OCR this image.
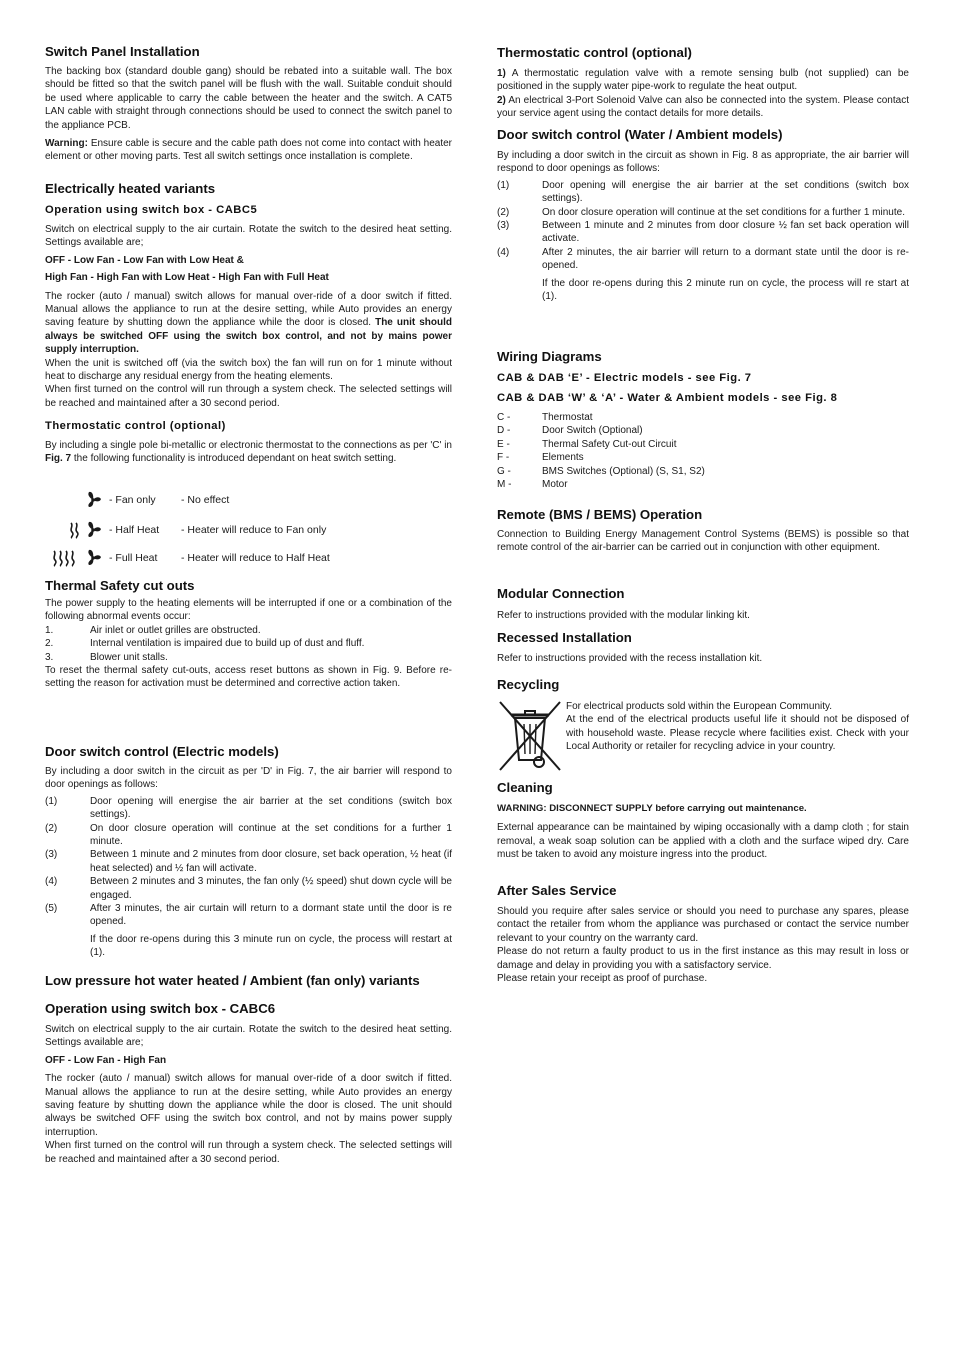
Switch Panel Installation

The backing box (standard double gang) should be rebated into a suitable wall. The box should be fitted so that the switch panel will be flush with the wall. Suitable conduit should be used where applicable to carry the cable between the heater and the switch. A CAT5 LAN cable with straight through connections should be used to connect the switch panel to the appliance PCB.

Warning: Ensure cable is secure and the cable path does not come into contact with heater element or other moving parts. Test all switch settings once installation is complete.

Electrically heated variants
Operation using switch box - CABC5

Switch on electrical supply to the air curtain. Rotate the switch to the desired heat setting. Settings available are;

OFF - Low Fan - Low Fan with Low Heat &

High Fan - High Fan with Low Heat - High Fan with Full Heat

The rocker (auto / manual) switch allows for manual over-ride of a door switch if fitted. Manual allows the appliance to run at the desire setting, while Auto provides an energy saving feature by shutting down the appliance while the door is closed. The unit should always be switched OFF using the switch box control, and not by mains power supply interruption.

When the unit is switched off (via the switch box) the fan will run on for 1 minute without heat to discharge any residual energy from the heating elements.

When first turned on the control will run through a system check. The selected settings will be reached and maintained after a 30 second period.

Thermostatic control (optional)

By including a single pole bi-metallic or electronic thermostat to the connections as per 'C' in Fig. 7 the following functionality is introduced dependant on heat switch setting.

- Fan only	- No effect
- Half Heat	- Heater will reduce to Fan only
- Full Heat	- Heater will reduce to Half Heat
Thermal Safety cut outs

The power supply to the heating elements will be interrupted if one or a combination of the following abnormal events occur:

1.	Air inlet or outlet grilles are obstructed.
2.	Internal ventilation is impaired due to build up of dust and fluff.
3.	Blower unit stalls.

To reset the thermal safety cut-outs, access reset buttons as shown in Fig. 9. Before re-setting the reason for activation must be determined and corrective action taken.

Door switch control (Electric models)

By including a door switch in the circuit as per 'D' in Fig. 7, the air barrier will respond to door openings as follows:

(1)	Door opening will energise the air barrier at the set conditions (switch box settings).
(2)	On door closure operation will continue at the set conditions for a further 1 minute.
(3)	Between 1 minute and 2 minutes from door closure, set back operation, ½ heat (if heat selected) and ½ fan will activate.
(4)	Between 2 minutes and 3 minutes, the fan only (½ speed) shut down cycle will be engaged.
(5)	After 3 minutes, the air curtain will return to a dormant state until the door is re opened.

If the door re-opens during this 3 minute run on cycle, the process will restart at (1).

Low pressure hot water heated / Ambient (fan only) variants
Operation using switch box - CABC6

Switch on electrical supply to the air curtain. Rotate the switch to the desired heat setting. Settings available are;

OFF - Low Fan - High Fan

The rocker (auto / manual) switch allows for manual over-ride of a door switch if fitted. Manual allows the appliance to run at the desire setting, while Auto provides an energy saving feature by shutting down the appliance while the door is closed. The unit should always be switched OFF using the switch box control, and not by mains power supply interruption.

When first turned on the control will run through a system check. The selected settings will be reached and maintained after a 30 second period.

Thermostatic control (optional)

1) A thermostatic regulation valve with a remote sensing bulb (not supplied) can be positioned in the supply water pipe-work to regulate the heat output.

2) An electrical 3-Port Solenoid Valve can also be connected into the system. Please contact your service agent using the contact details for more details.

Door switch control (Water / Ambient models)

By including a door switch in the circuit as shown in Fig. 8 as appropriate, the air barrier will respond to door openings as follows:

(1)	Door opening will energise the air barrier at the set conditions (switch box settings).
(2)	On door closure operation will continue at the set conditions for a further 1 minute.
(3)	Between 1 minute and 2 minutes from door closure ½ fan set back operation will activate.
(4)	After 2 minutes, the air barrier will return to a dormant state until the door is re-opened.

If the door re-opens during this 2 minute run on cycle, the process will re start at (1).

Wiring Diagrams
CAB & DAB ‘E’ - Electric models - see Fig. 7
CAB & DAB ‘W’ & ‘A’ - Water & Ambient models - see Fig. 8
C -	Thermostat
D -	Door Switch (Optional)
E -	Thermal Safety Cut-out Circuit
F -	Elements
G -	BMS Switches (Optional) (S, S1, S2)
M -	Motor
Remote (BMS / BEMS) Operation

Connection to Building Energy Management Control Systems (BEMS) is possible so that remote control of the air-barrier can be carried out in conjunction with other equipment.

Modular Connection

Refer to instructions provided with the modular linking kit.

Recessed Installation

Refer to instructions provided with the recess installation kit.

Recycling

For electrical products sold within the European Community.

At the end of the electrical products useful life it should not be disposed of with household waste. Please recycle where facilities exist. Check with your Local Authority or retailer for recycling advice in your country.

Cleaning

WARNING: DISCONNECT SUPPLY before carrying out maintenance.

External appearance can be maintained by wiping occasionally with a damp cloth ; for stain removal, a weak soap solution can be applied with a cloth and the surface wiped dry. Care must be taken to avoid any moisture ingress into the product.

After Sales Service

Should you require after sales service or should you need to purchase any spares, please contact the retailer from whom the appliance was purchased or contact the service number relevant to your country on the warranty card.

Please do not return a faulty product to us in the first instance as this may result in loss or damage and delay in providing you with a satisfactory service.

Please retain your receipt as proof of purchase.
